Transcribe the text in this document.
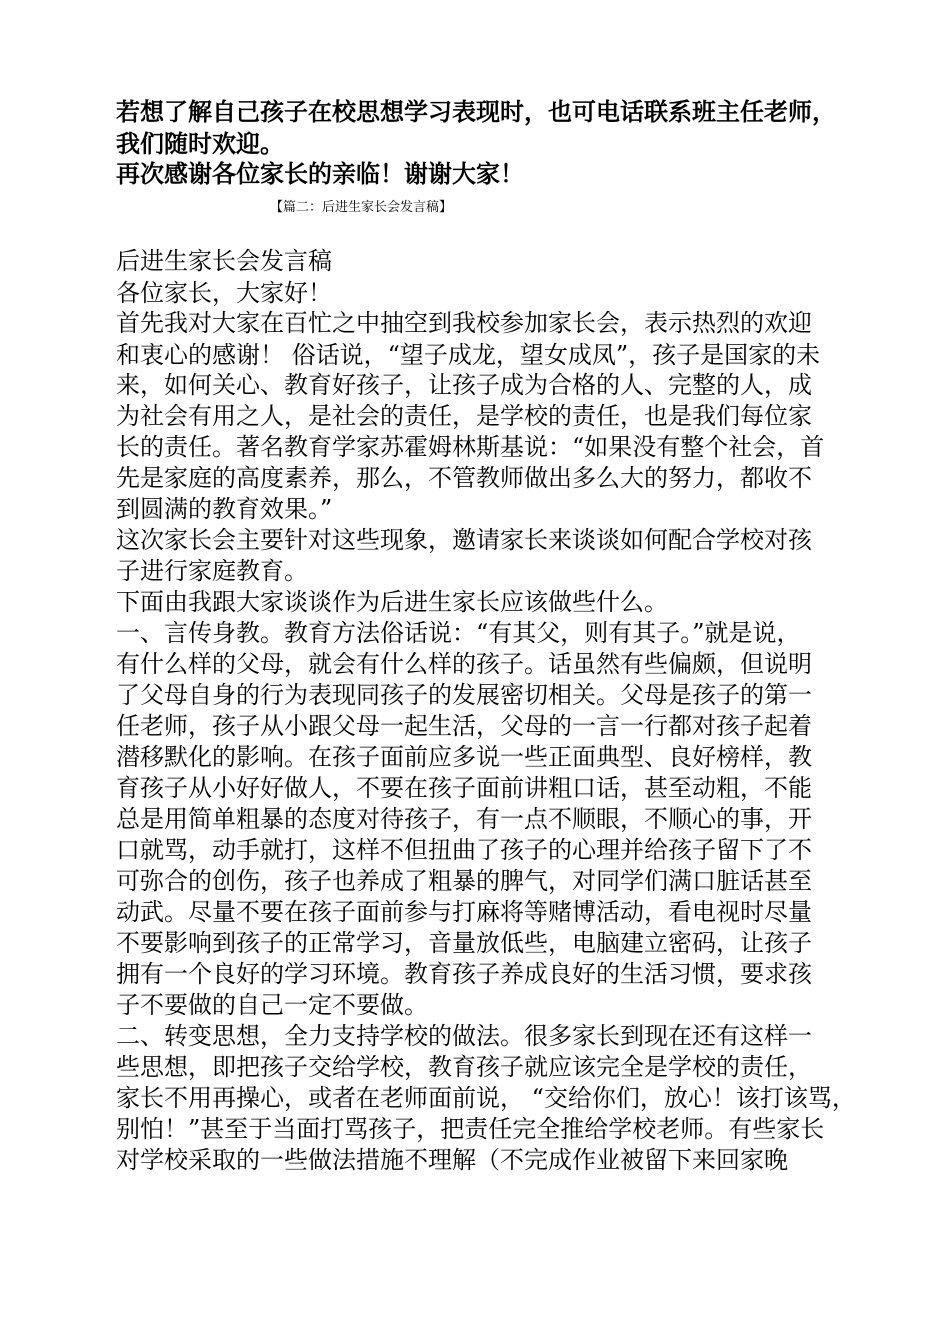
若想了解自己孩子在校思想学习表现时，也可电话联系班主任老师，
我们随时欢迎。
再次感谢各位家长的亲临！谢谢大家！
【篇二：后进生家长会发言稿】
后进生家长会发言稿
各位家长，大家好！
首先我对大家在百忙之中抽空到我校参加家长会，表示热烈的欢迎
和衷心的感谢！ 俗话说，“望子成龙，望女成凤”，孩子是国家的未
来，如何关心、教育好孩子，让孩子成为合格的人、完整的人，成
为社会有用之人，是社会的责任，是学校的责任，也是我们每位家
长的责任。著名教育学家苏霍姆林斯基说：“如果没有整个社会，首
先是家庭的高度素养，那么，不管教师做出多么大的努力，都收不
到圆满的教育效果。”
这次家长会主要针对这些现象，邀请家长来谈谈如何配合学校对孩
子进行家庭教育。
下面由我跟大家谈谈作为后进生家长应该做些什么。
一、言传身教。教育方法俗话说：“有其父，则有其子。”就是说，
有什么样的父母，就会有什么样的孩子。话虽然有些偏颇，但说明
了父母自身的行为表现同孩子的发展密切相关。父母是孩子的第一
任老师，孩子从小跟父母一起生活，父母的一言一行都对孩子起着
潜移默化的影响。在孩子面前应多说一些正面典型、良好榜样，教
育孩子从小好好做人，不要在孩子面前讲粗口话，甚至动粗，不能
总是用简单粗暴的态度对待孩子，有一点不顺眼，不顺心的事，开
口就骂，动手就打，这样不但扭曲了孩子的心理并给孩子留下了不
可弥合的创伤，孩子也养成了粗暴的脾气，对同学们满口脏话甚至
动武。尽量不要在孩子面前参与打麻将等赌博活动，看电视时尽量
不要影响到孩子的正常学习，音量放低些，电脑建立密码，让孩子
拥有一个良好的学习环境。教育孩子养成良好的生活习惯，要求孩
子不要做的自己一定不要做。
二、转变思想，全力支持学校的做法。很多家长到现在还有这样一
些思想，即把孩子交给学校，教育孩子就应该完全是学校的责任，
家长不用再操心，或者在老师面前说， “交给你们，放心！该打该骂，
别怕！”甚至于当面打骂孩子，把责任完全推给学校老师。有些家长
对学校采取的一些做法措施不理解（不完成作业被留下来回家晚
